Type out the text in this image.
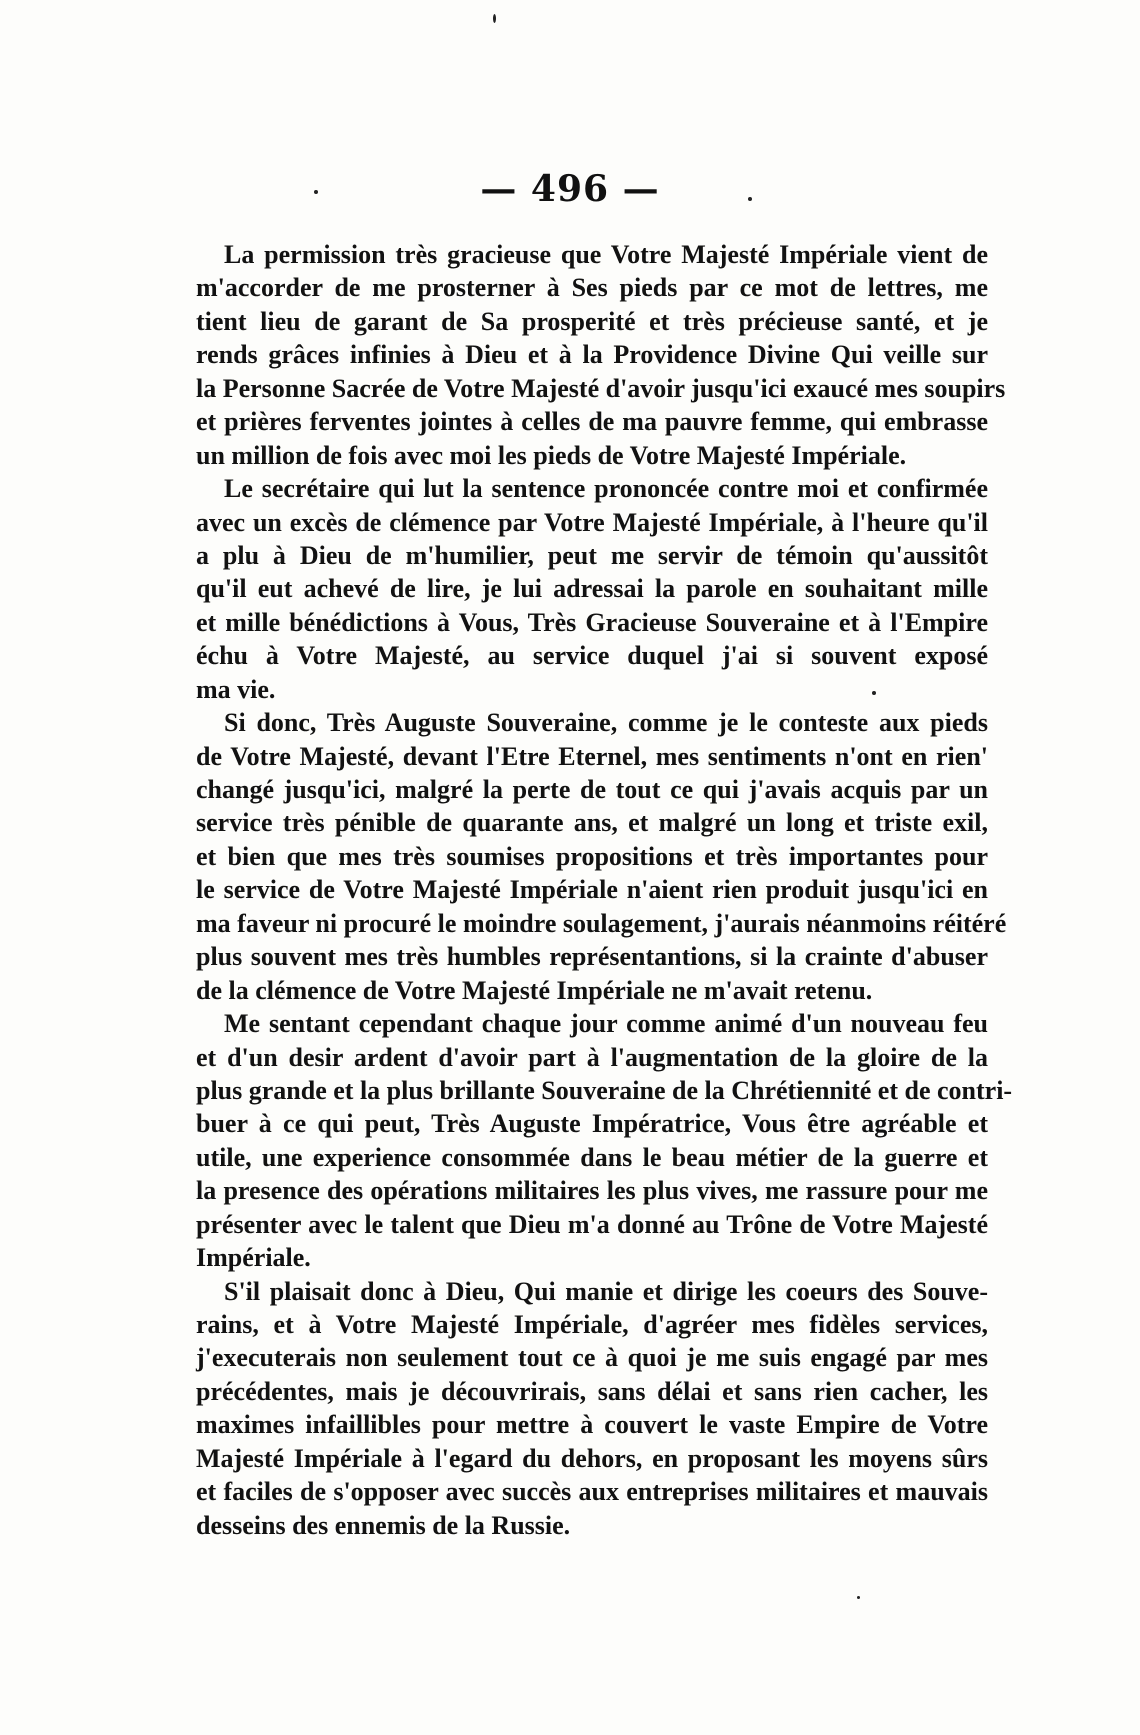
— 496 —
La permission très gracieuse que Votre Majesté Impériale vient de
m'accorder de me prosterner à Ses pieds par ce mot de lettres, me
tient lieu de garant de Sa prosperité et très précieuse santé, et je
rends grâces infinies à Dieu et à la Providence Divine Qui veille sur
la Personne Sacrée de Votre Majesté d'avoir jusqu'ici exaucé mes soupirs
et prières ferventes jointes à celles de ma pauvre femme, qui embrasse
un million de fois avec moi les pieds de Votre Majesté Impériale.
Le secrétaire qui lut la sentence prononcée contre moi et confirmée
avec un excès de clémence par Votre Majesté Impériale, à l'heure qu'il
a plu à Dieu de m'humilier, peut me servir de témoin qu'aussitôt
qu'il eut achevé de lire, je lui adressai la parole en souhaitant mille
et mille bénédictions à Vous, Très Gracieuse Souveraine et à l'Empire
échu à Votre Majesté, au service duquel j'ai si souvent exposé
ma vie.
Si donc, Très Auguste Souveraine, comme je le conteste aux pieds
de Votre Majesté, devant l'Etre Eternel, mes sentiments n'ont en rien'
changé jusqu'ici, malgré la perte de tout ce qui j'avais acquis par un
service très pénible de quarante ans, et malgré un long et triste exil,
et bien que mes très soumises propositions et très importantes pour
le service de Votre Majesté Impériale n'aient rien produit jusqu'ici en
ma faveur ni procuré le moindre soulagement, j'aurais néanmoins réitéré
plus souvent mes très humbles représentantions, si la crainte d'abuser
de la clémence de Votre Majesté Impériale ne m'avait retenu.
Me sentant cependant chaque jour comme animé d'un nouveau feu
et d'un desir ardent d'avoir part à l'augmentation de la gloire de la
plus grande et la plus brillante Souveraine de la Chrétiennité et de contri-
buer à ce qui peut, Très Auguste Impératrice, Vous être agréable et
utile, une experience consommée dans le beau métier de la guerre et
la presence des opérations militaires les plus vives, me rassure pour me
présenter avec le talent que Dieu m'a donné au Trône de Votre Majesté
Impériale.
S'il plaisait donc à Dieu, Qui manie et dirige les coeurs des Souve-
rains, et à Votre Majesté Impériale, d'agréer mes fidèles services,
j'executerais non seulement tout ce à quoi je me suis engagé par mes
précédentes, mais je découvrirais, sans délai et sans rien cacher, les
maximes infaillibles pour mettre à couvert le vaste Empire de Votre
Majesté Impériale à l'egard du dehors, en proposant les moyens sûrs
et faciles de s'opposer avec succès aux entreprises militaires et mauvais
desseins des ennemis de la Russie.
